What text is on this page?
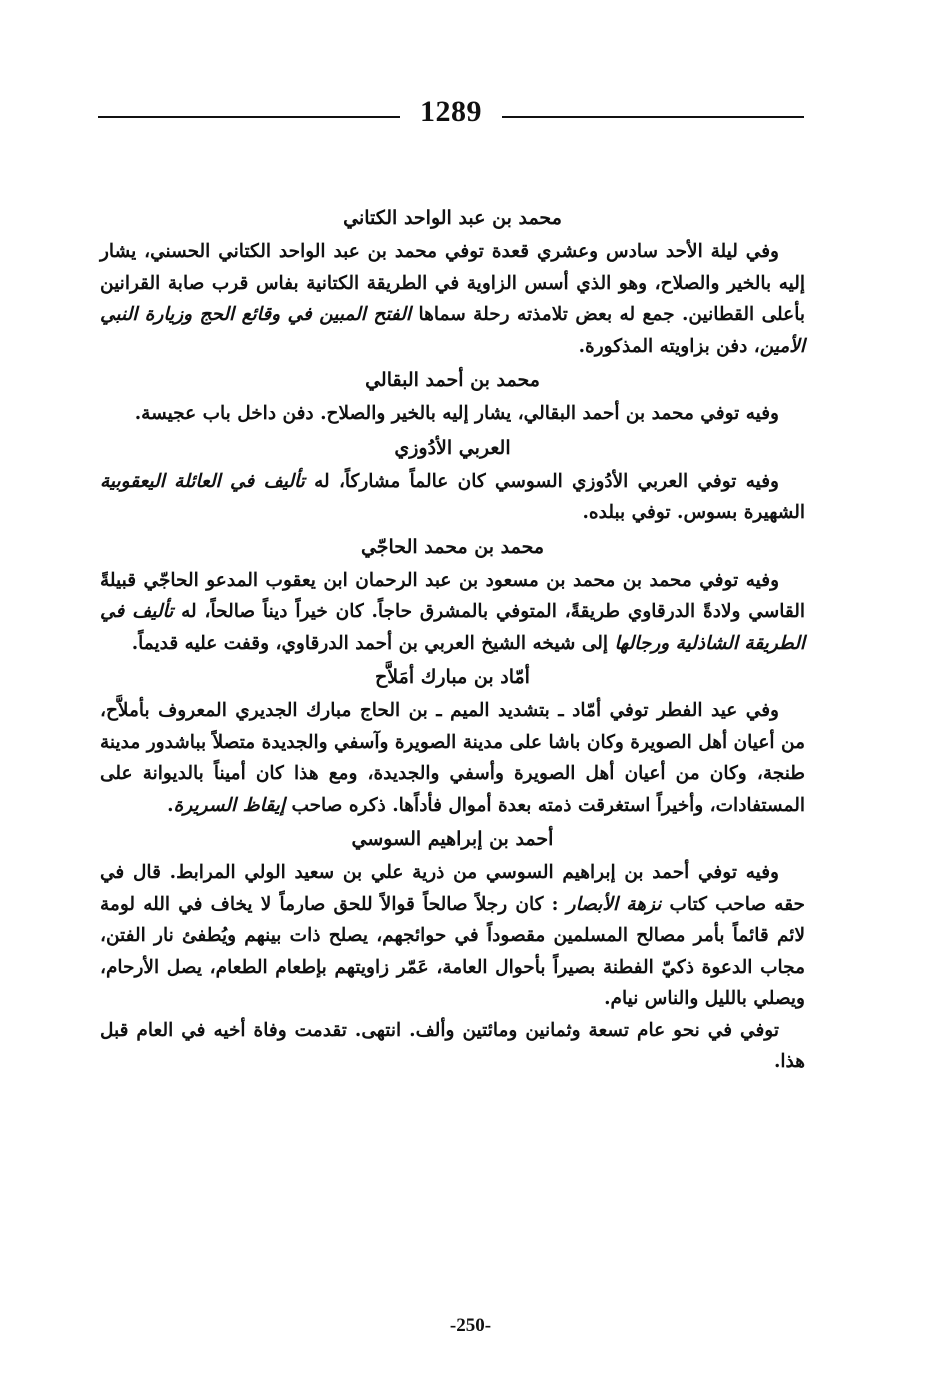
1289

محمد بن عبد الواحد الكتاني

وفي ليلة الأحد سادس وعشري قعدة توفي محمد بن عبد الواحد الكتاني الحسني، يشار إليه بالخير والصلاح، وهو الذي أسس الزاوية في الطريقة الكتانية بفاس قرب صابة القرانين بأعلى القطانين. جمع له بعض تلامذته رحلة سماها الفتح المبين في وقائع الحج وزيارة النبي الأمين، دفن بزاويته المذكورة.

محمد بن أحمد البقالي

وفيه توفي محمد بن أحمد البقالي، يشار إليه بالخير والصلاح. دفن داخل باب عجيسة.

العربي الأدُوزي

وفيه توفي العربي الأدُوزي السوسي كان عالماً مشاركاً، له تأليف في العائلة اليعقوبية الشهيرة بسوس. توفي ببلده.

محمد بن محمد الحاجّي

وفيه توفي محمد بن محمد بن مسعود بن عبد الرحمان ابن يعقوب المدعو الحاجّي قبيلةً القاسي ولادةً الدرقاوي طريقةً، المتوفي بالمشرق حاجاً. كان خيراً ديناً صالحاً، له تأليف في الطريقة الشاذلية ورجالها إلى شيخه الشيخ العربي بن أحمد الدرقاوي، وقفت عليه قديماً.

أمّاد بن مبارك أمَلاَّح

وفي عيد الفطر توفي أمّاد ـ بتشديد الميم ـ بن الحاج مبارك الجديري المعروف بأملاَّح، من أعيان أهل الصويرة وكان باشا على مدينة الصويرة وآسفي والجديدة متصلاً بباشدور مدينة طنجة، وكان من أعيان أهل الصويرة وأسفي والجديدة، ومع هذا كان أميناً بالديوانة على المستفادات، وأخيراً استغرقت ذمته بعدة أموال فأداًها. ذكره صاحب إيقاظ السريرة.

أحمد بن إبراهيم السوسي

وفيه توفي أحمد بن إبراهيم السوسي من ذرية علي بن سعيد الولي المرابط. قال في حقه صاحب كتاب نزهة الأبصار : كان رجلاً صالحاً قوالاً للحق صارماً لا يخاف في الله لومة لائم قائماً بأمر مصالح المسلمين مقصوداً في حوائجهم، يصلح ذات بينهم ويُطفئ نار الفتن، مجاب الدعوة ذكيّ الفطنة بصيراً بأحوال العامة، عَمّر زاويتهم بإطعام الطعام، يصل الأرحام، ويصلي بالليل والناس نيام.

توفي في نحو عام تسعة وثمانين ومائتين وألف. انتهى. تقدمت وفاة أخيه في العام قبل هذا.

-250-
